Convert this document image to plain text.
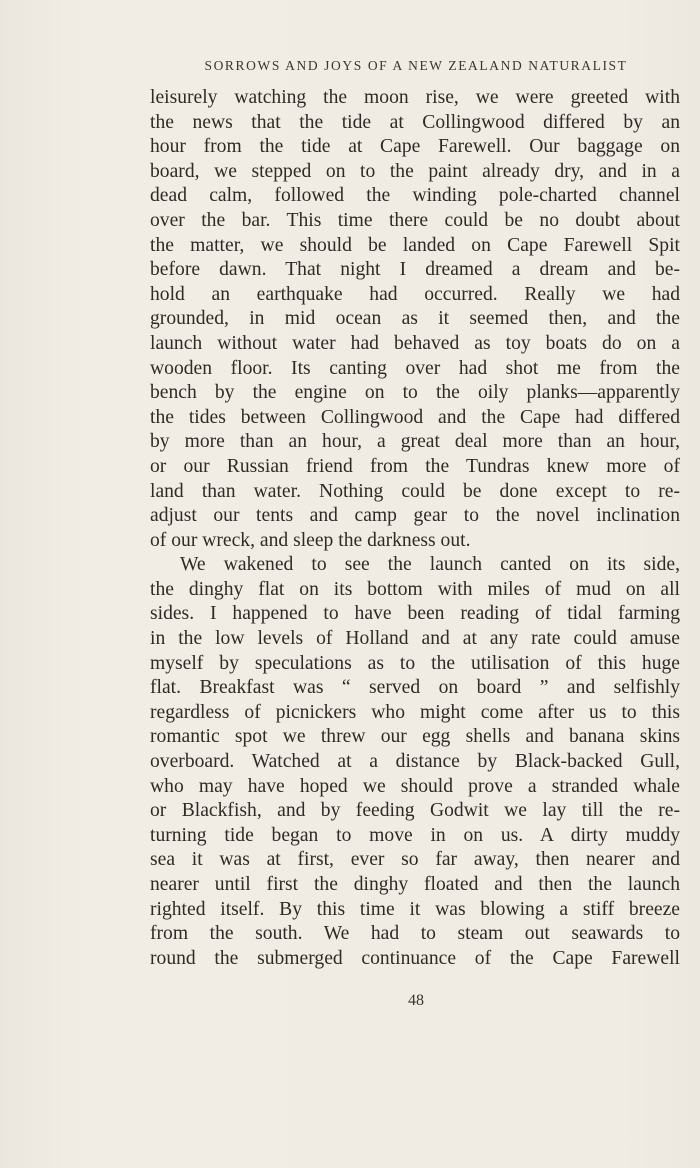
SORROWS AND JOYS OF A NEW ZEALAND NATURALIST
leisurely watching the moon rise, we were greeted with
the news that the tide at Collingwood differed by an
hour from the tide at Cape Farewell. Our baggage on
board, we stepped on to the paint already dry, and in a
dead calm, followed the winding pole-charted channel
over the bar. This time there could be no doubt about
the matter, we should be landed on Cape Farewell Spit
before dawn. That night I dreamed a dream and be-
hold an earthquake had occurred. Really we had
grounded, in mid ocean as it seemed then, and the
launch without water had behaved as toy boats do on a
wooden floor. Its canting over had shot me from the
bench by the engine on to the oily planks—apparently
the tides between Collingwood and the Cape had differed
by more than an hour, a great deal more than an hour,
or our Russian friend from the Tundras knew more of
land than water. Nothing could be done except to re-
adjust our tents and camp gear to the novel inclination
of our wreck, and sleep the darkness out.
We wakened to see the launch canted on its side,
the dinghy flat on its bottom with miles of mud on all
sides. I happened to have been reading of tidal farming
in the low levels of Holland and at any rate could amuse
myself by speculations as to the utilisation of this huge
flat. Breakfast was “ served on board ” and selfishly
regardless of picnickers who might come after us to this
romantic spot we threw our egg shells and banana skins
overboard. Watched at a distance by Black-backed Gull,
who may have hoped we should prove a stranded whale
or Blackfish, and by feeding Godwit we lay till the re-
turning tide began to move in on us. A dirty muddy
sea it was at first, ever so far away, then nearer and
nearer until first the dinghy floated and then the launch
righted itself. By this time it was blowing a stiff breeze
from the south. We had to steam out seawards to
round the submerged continuance of the Cape Farewell
48
